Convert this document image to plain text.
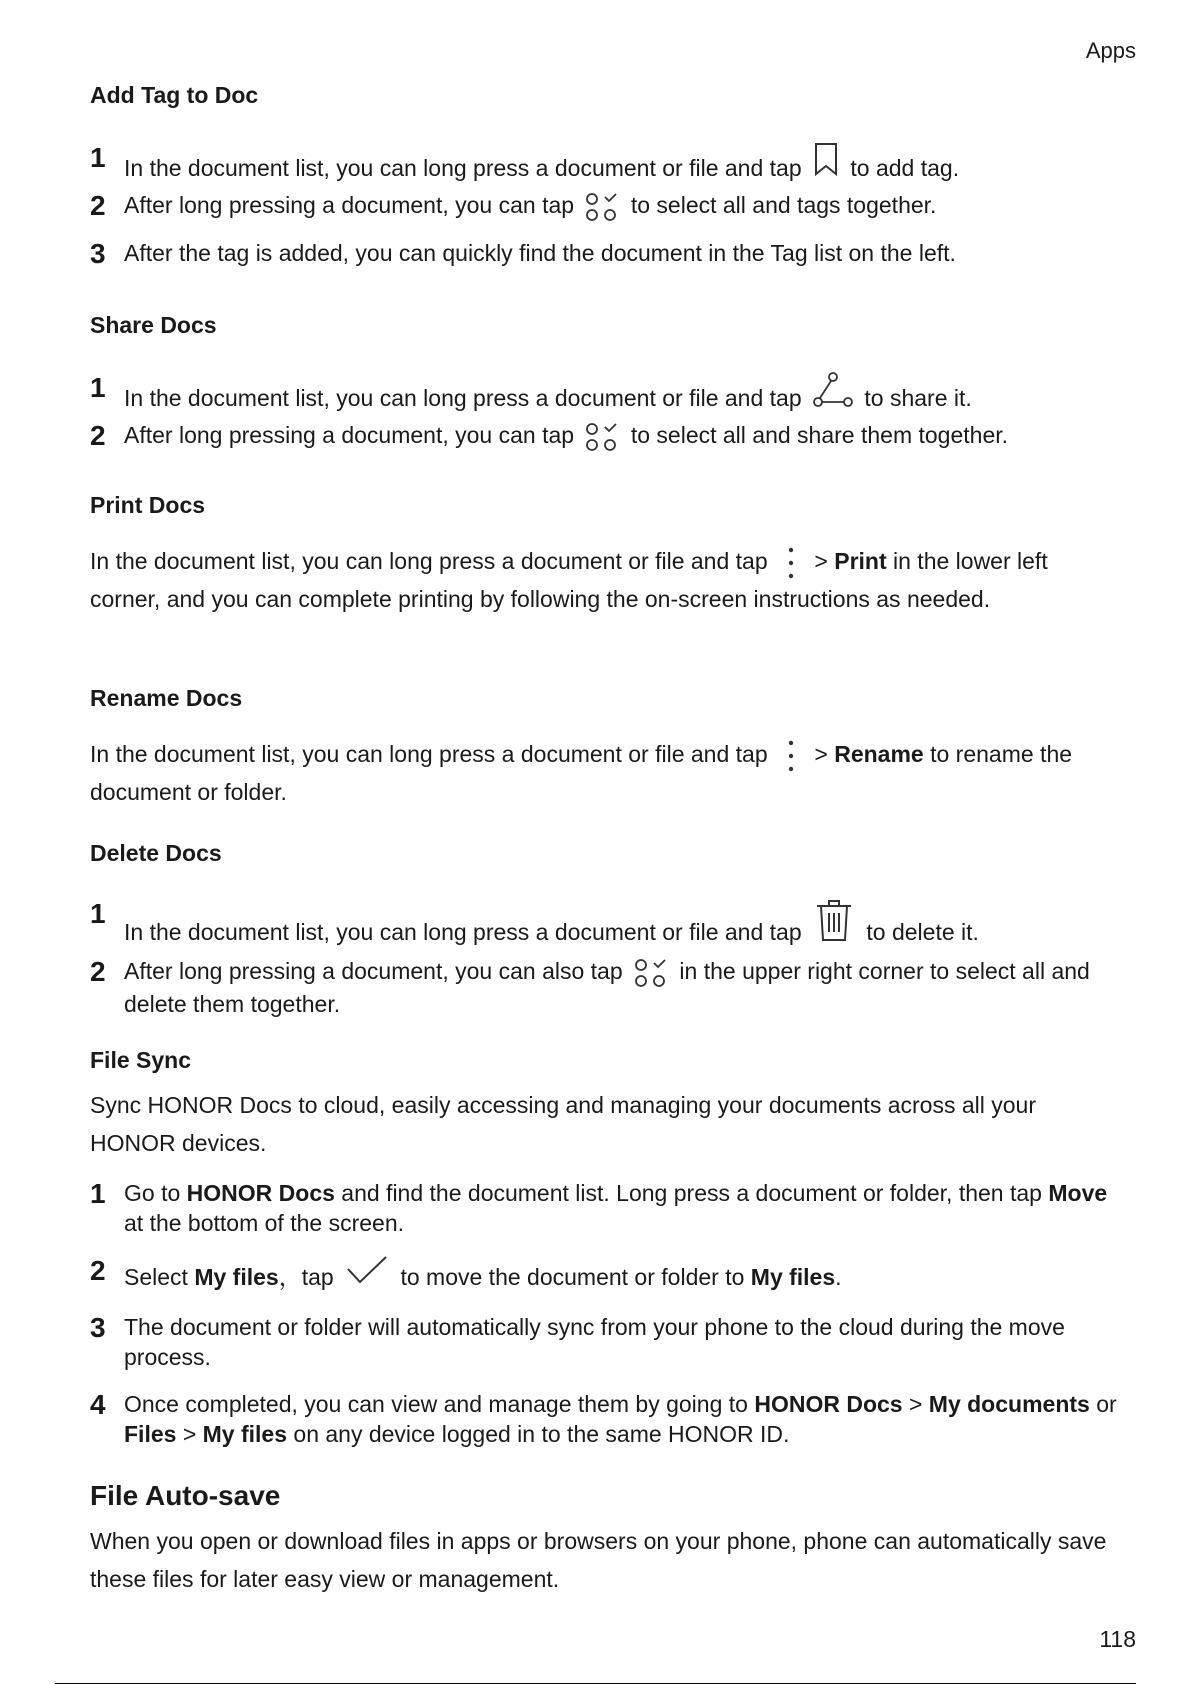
Apps
Add Tag to Doc
1 In the document list, you can long press a document or file and tap to add tag.
2 After long pressing a document, you can tap to select all and tags together.
3 After the tag is added, you can quickly find the document in the Tag list on the left.
Share Docs
1 In the document list, you can long press a document or file and tap	to share it.
2 After long pressing a document, you can tap to select all and share them together.
Print Docs
In the document list, you can long press a document or file and tap > Print in the lower left corner, and you can complete printing by following the on-screen instructions as needed.
Rename Docs
In the document list, you can long press a document or file and tap > Rename to rename the document or folder.
Delete Docs
1
In the document list, you can long press a document or file and tap	to delete it.
2 After long pressing a document, you can also tap in the upper right corner to select all and delete them together.
File Sync
Sync HONOR Docs to cloud, easily accessing and managing your documents across all your HONOR devices.
1 Go to HONOR Docs and find the document list. Long press a document or folder, then tap Move at the bottom of the screen.
2 Select My files，tap	to move the document or folder to My files.
3 The document or folder will automatically sync from your phone to the cloud during the move process.
4 Once completed, you can view and manage them by going to HONOR Docs > My documents or Files > My files on any device logged in to the same HONOR ID.
File Auto-save
When you open or download files in apps or browsers on your phone, phone can automatically save these files for later easy view or management.
118
